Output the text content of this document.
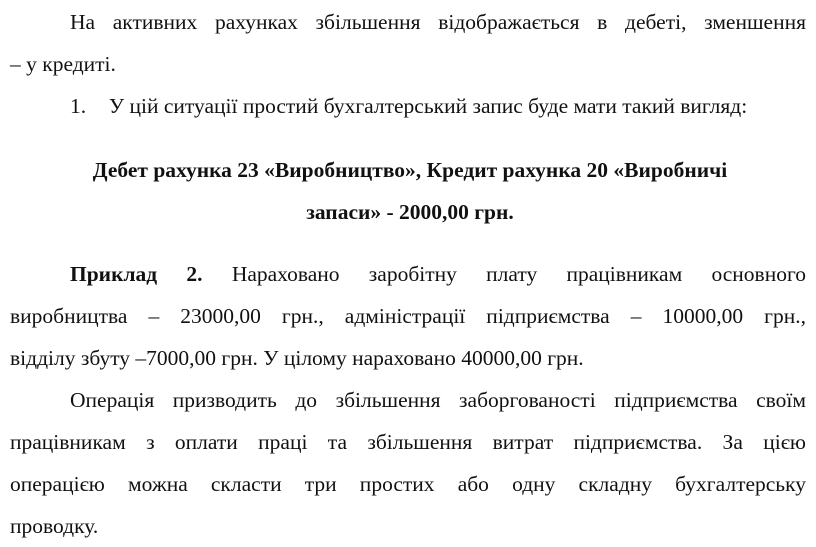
На активних рахунках збільшення відображається в дебеті, зменшення
– у кредиті.
1. У цій ситуації простий бухгалтерський запис буде мати такий вигляд:
Дебет рахунка 23 «Виробництво», Кредит рахунка 20 «Виробничі
запаси» - 2000,00 грн.
Приклад 2. Нараховано заробітну плату працівникам основного
виробництва – 23000,00 грн., адміністрації підприємства – 10000,00 грн.,
відділу збуту –7000,00 грн. У цілому нараховано 40000,00 грн.
Операція призводить до збільшення заборгованості підприємства своїм
працівникам з оплати праці та збільшення витрат підприємства. За цією
операцією можна скласти три простих або одну складну бухгалтерську
проводку.
